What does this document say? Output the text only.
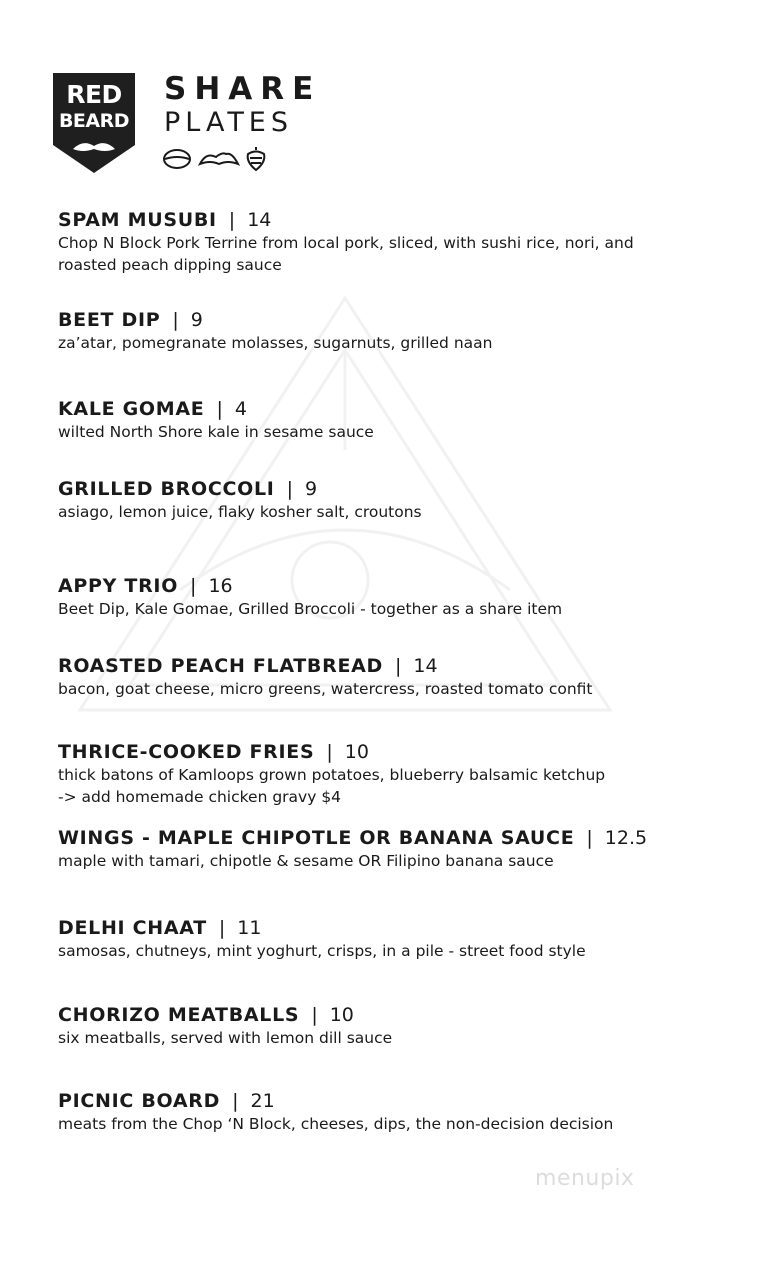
RED
BEARD
SHARE
PLATES
SPAM MUSUBI | 14
Chop N Block Pork Terrine from local pork, sliced, with sushi rice, nori, and
roasted peach dipping sauce
BEET DIP | 9
za’atar, pomegranate molasses, sugarnuts, grilled naan
KALE GOMAE | 4
wilted North Shore kale in sesame sauce
GRILLED BROCCOLI | 9
asiago, lemon juice, flaky kosher salt, croutons
APPY TRIO | 16
Beet Dip, Kale Gomae, Grilled Broccoli - together as a share item
ROASTED PEACH FLATBREAD | 14
bacon, goat cheese, micro greens, watercress, roasted tomato confit
THRICE-COOKED FRIES | 10
thick batons of Kamloops grown potatoes, blueberry balsamic ketchup
-> add homemade chicken gravy $4
WINGS - MAPLE CHIPOTLE OR BANANA SAUCE | 12.5
maple with tamari, chipotle & sesame OR Filipino banana sauce
DELHI CHAAT | 11
samosas, chutneys, mint yoghurt, crisps, in a pile - street food style
CHORIZO MEATBALLS | 10
six meatballs, served with lemon dill sauce
PICNIC BOARD | 21
meats from the Chop ‘N Block, cheeses, dips, the non-decision decision
menupix
